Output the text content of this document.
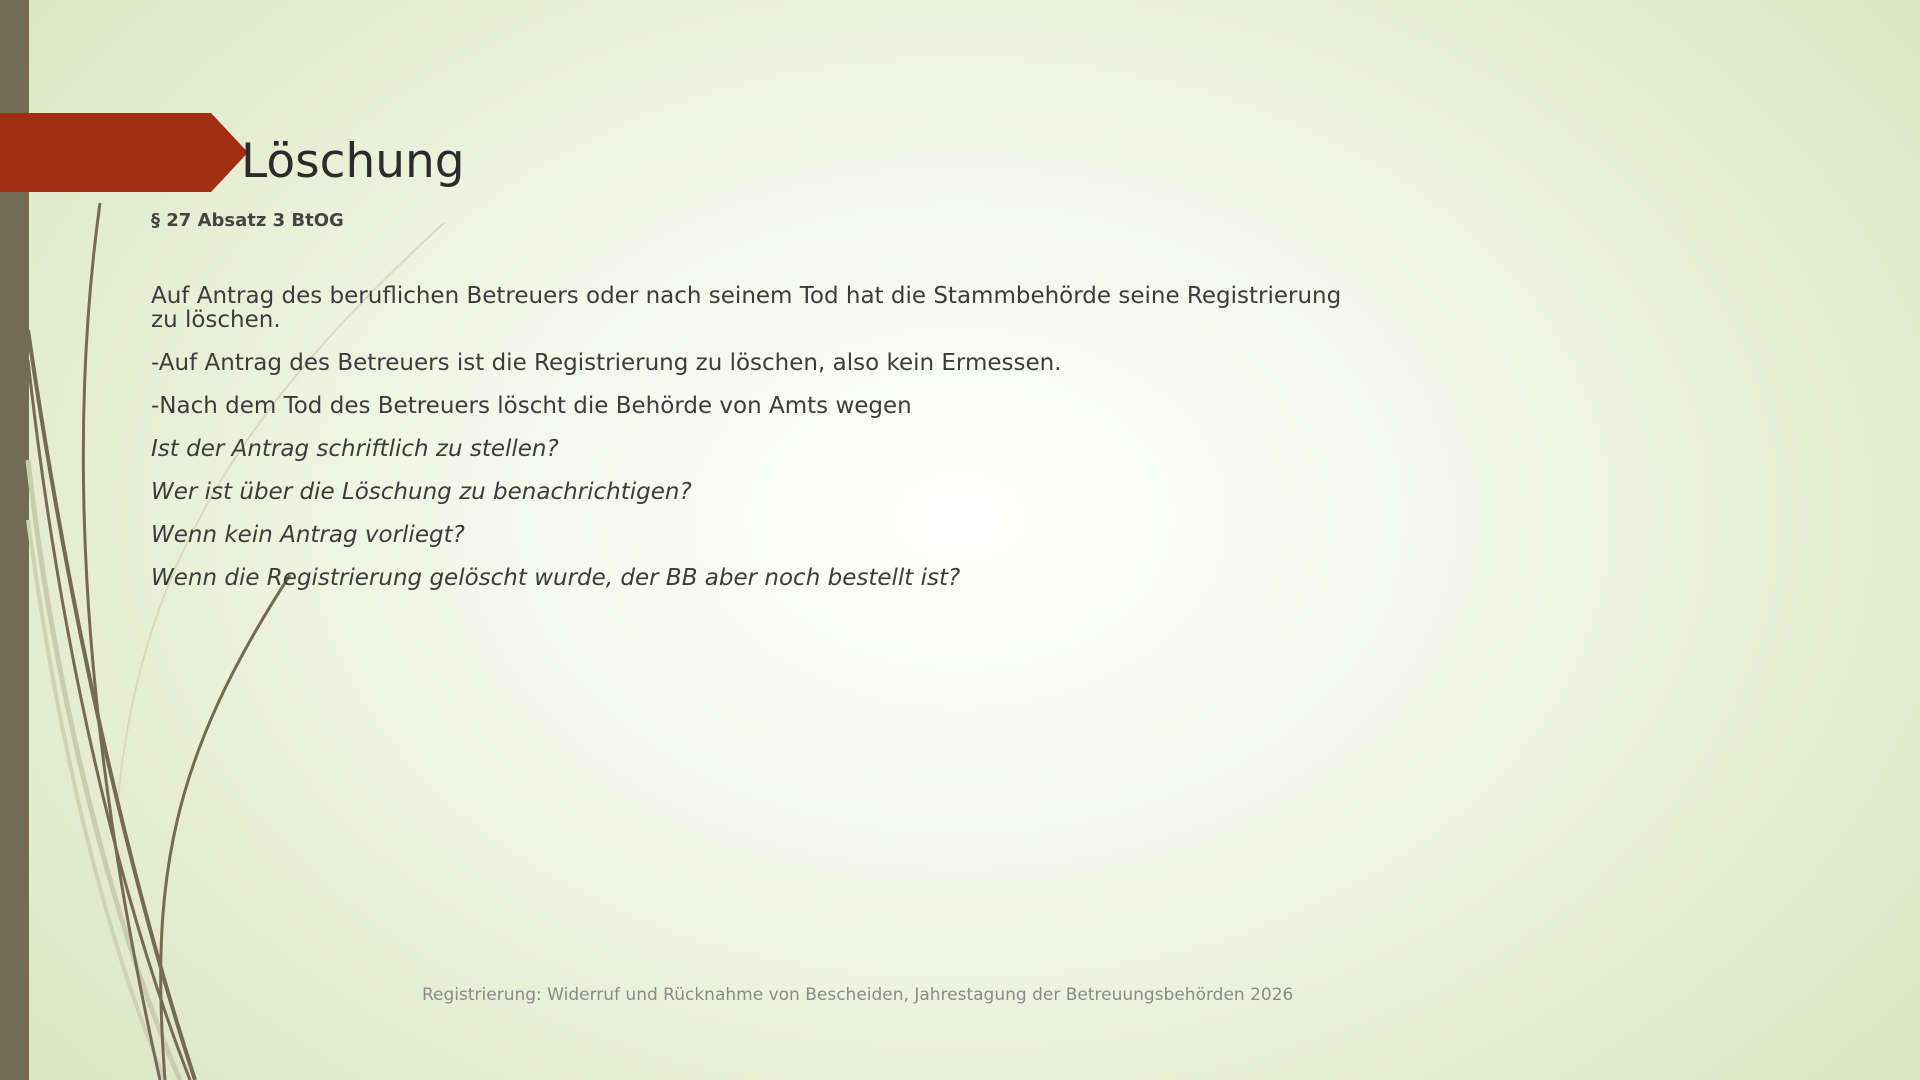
Löschung
§ 27 Absatz 3 BtOG

Auf Antrag des beruflichen Betreuers oder nach seinem Tod hat die Stammbehörde seine Registrierung zu löschen.

-Auf Antrag des Betreuers ist die Registrierung zu löschen, also kein Ermessen.

-Nach dem Tod des Betreuers löscht die Behörde von Amts wegen

Ist der Antrag schriftlich zu stellen?

Wer ist über die Löschung zu benachrichtigen?

Wenn kein Antrag vorliegt?

Wenn die Registrierung gelöscht wurde, der BB aber noch bestellt ist?

Registrierung: Widerruf und Rücknahme von Bescheiden, Jahrestagung der Betreuungsbehörden 2026
